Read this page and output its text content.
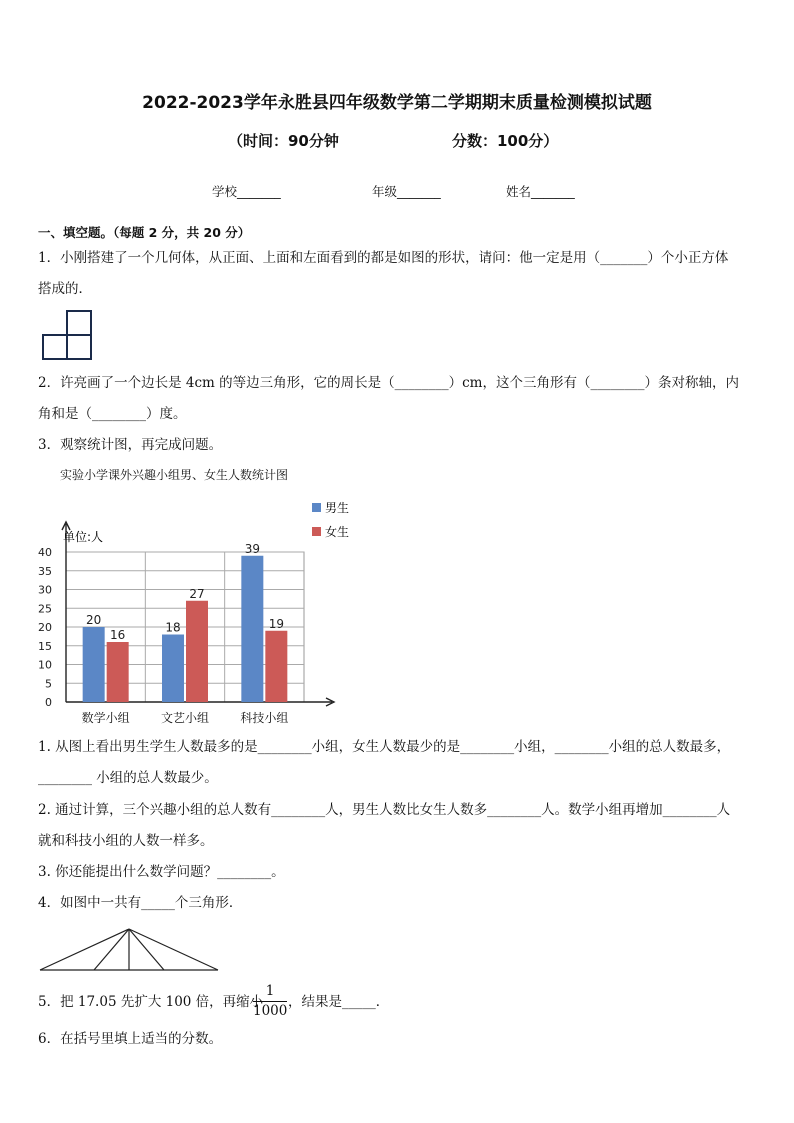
2022-2023学年永胜县四年级数学第二学期期末质量检测模拟试题
（时间：90分钟	分数：100分）
学校_______	年级_______	姓名_______
一、填空题。（每题 2 分，共 20 分）
1．小刚搭建了一个几何体，从正面、上面和左面看到的都是如图的形状，请问：他一定是用（_______）个小正方体
搭成的．
2．许亮画了一个边长是 4cm 的等边三角形，它的周长是（________）cm，这个三角形有（________）条对称轴，内
角和是（________）度。
3．观察统计图，再完成问题。
实验小学课外兴趣小组男、女生人数统计图
0
5
10
15
20
25
30
35
40
20
16
数学小组
18
27
文艺小组
39
19
科技小组
单位:人
男生
女生
1. 从图上看出男生学生人数最多的是________小组，女生人数最少的是________小组，________小组的总人数最多，
________ 小组的总人数最少。
2. 通过计算，三个兴趣小组的总人数有________人，男生人数比女生人数多________人。数学小组再增加________人
就和科技小组的人数一样多。
3. 你还能提出什么数学问题？________。
4．如图中一共有_____个三角形．
5．把 17.05 先扩大 100 倍，再缩小
1
1000
，结果是_____．
6．在括号里填上适当的分数。
